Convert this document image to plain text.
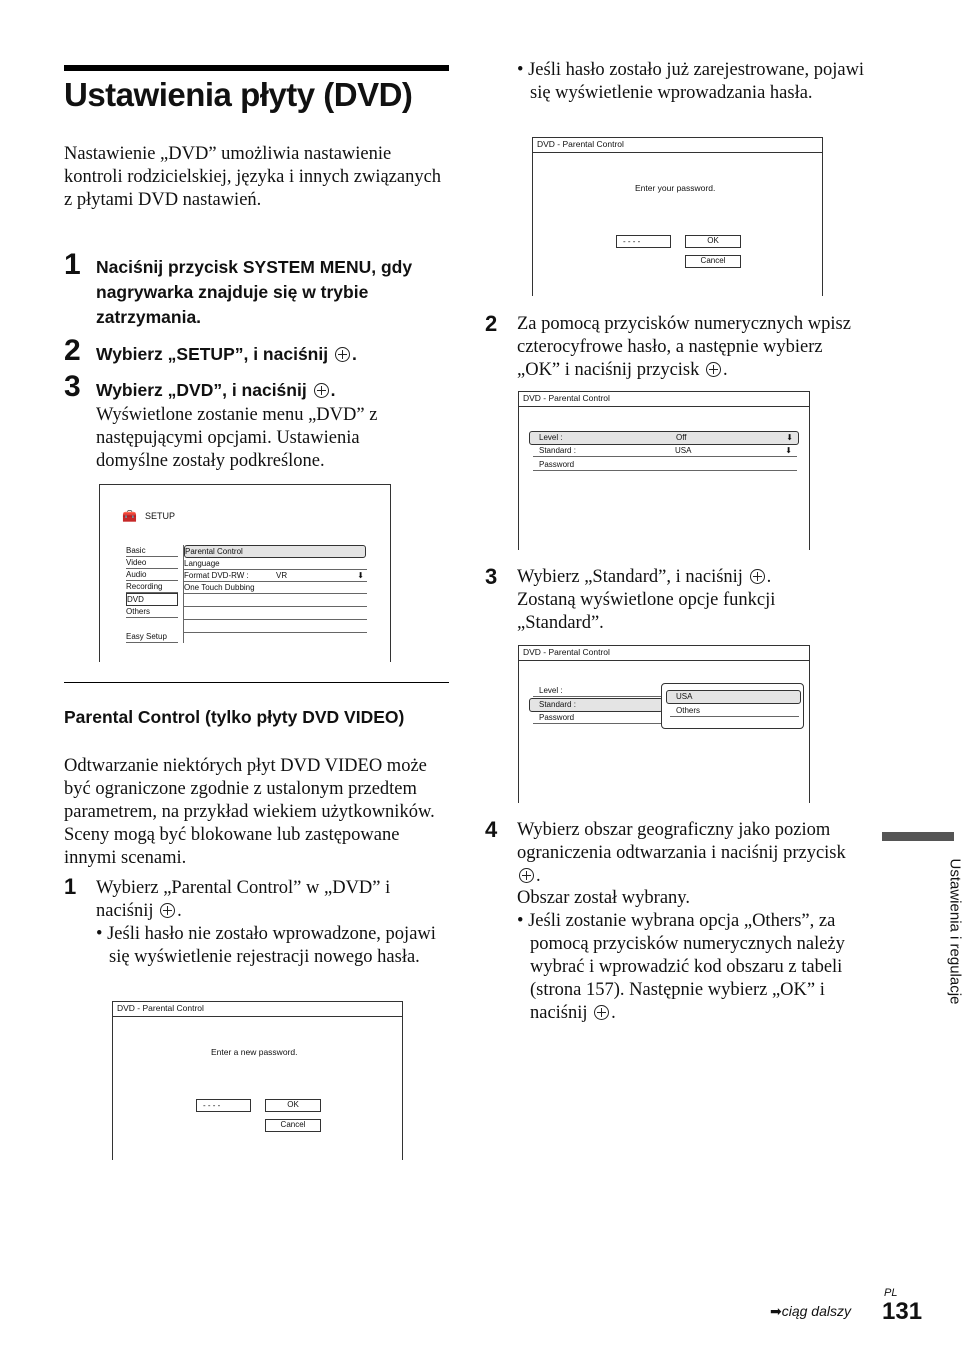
Ustawienia płyty (DVD)
Nastawienie „DVD” umożliwia nastawienie kontroli rodzicielskiej, języka i innych związanych z płytami DVD nastawień.
1 Naciśnij przycisk SYSTEM MENU, gdy nagrywarka znajduje się w trybie zatrzymania.
2 Wybierz „SETUP”, i naciśnij .
3 Wybierz „DVD”, i naciśnij .
Wyświetlone zostanie menu „DVD” z następującymi opcjami. Ustawienia domyślne zostały podkreślone.
🧰 SETUP
Basic
Video
Audio
Recording
DVD
Others
Easy Setup
Parental Control
Language
Format DVD-RW :	VR	⬇
One Touch Dubbing
Parental Control (tylko płyty DVD VIDEO)
Odtwarzanie niektórych płyt DVD VIDEO może być ograniczone zgodnie z ustalonym przedtem parametrem, na przykład wiekiem użytkowników. Sceny mogą być blokowane lub zastępowane innymi scenami.
1 Wybierz „Parental Control” w „DVD” i naciśnij .
• Jeśli hasło nie zostało wprowadzone, pojawi się wyświetlenie rejestracji nowego hasła.
DVD - Parental Control
Enter a new password.
- - - -	OK
Cancel
• Jeśli hasło zostało już zarejestrowane, pojawi się wyświetlenie wprowadzania hasła.
DVD - Parental Control
Enter your password.
- - - -	OK
Cancel
2 Za pomocą przycisków numerycznych wpisz czterocyfrowe hasło, a następnie wybierz „OK” i naciśnij przycisk .
DVD - Parental Control
Level :	Off	⬇
Standard :	USA	⬇
Password
3 Wybierz „Standard”, i naciśnij .
Zostaną wyświetlone opcje funkcji „Standard”.
DVD - Parental Control
Level :
Standard :
Password
USA
Others
4 Wybierz obszar geograficzny jako poziom ograniczenia odtwarzania i naciśnij przycisk .
Obszar został wybrany.
• Jeśli zostanie wybrana opcja „Others”, za pomocą przycisków numerycznych należy wybrać i wprowadzić kod obszaru z tabeli (strona 157). Następnie wybierz „OK” i naciśnij .
Ustawienia i regulacje
➡ciąg dalszy
PL
131
